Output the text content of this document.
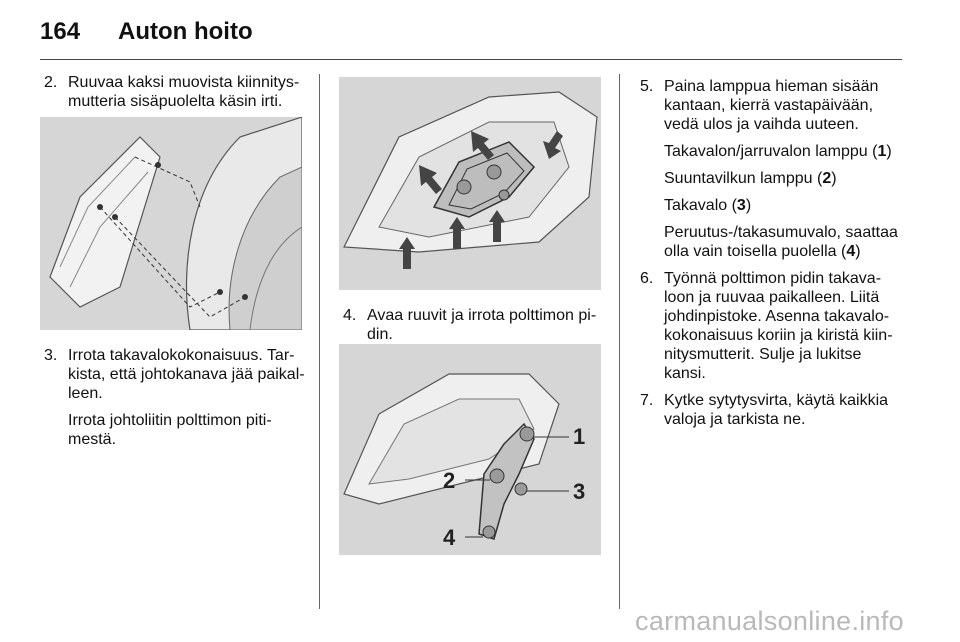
164 Auton hoito

2. Ruuvaa kaksi muovista kiinnitysmutteria sisäpuolelta käsin irti.

3. Irrota takavalokokonaisuus. Tarkista, että johtokanava jää paikalleen.

Irrota johtoliitin polttimon pitimestä.

4. Avaa ruuvit ja irrota polttimon pidin.

1
2	3
4

5. Paina lamppua hieman sisään kantaan, kierrä vastapäivään, vedä ulos ja vaihda uuteen.

Takavalon/jarruvalon lamppu (1)

Suuntavilkun lamppu (2)

Takavalo (3)

Peruutus-/takasumuvalo, saattaa olla vain toisella puolella (4)

6. Työnnä polttimon pidin takavaloon ja ruuvaa paikalleen. Liitä johdinpistoke. Asenna takavalokokonaisuus koriin ja kiristä kiinnitysmutterit. Sulje ja lukitse kansi.

7. Kytke sytytysvirta, käytä kaikkia valoja ja tarkista ne.

carmanualsonline.info
